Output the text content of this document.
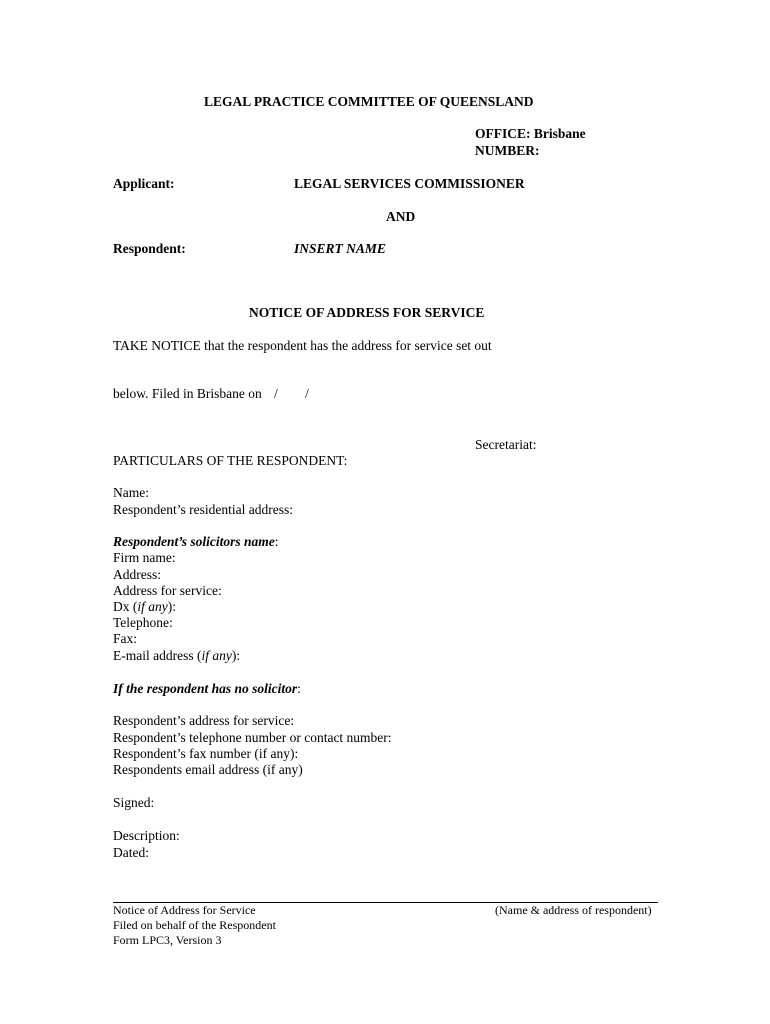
LEGAL PRACTICE COMMITTEE OF QUEENSLAND
OFFICE: Brisbane
NUMBER:
Applicant:	LEGAL SERVICES COMMISSIONER
AND
Respondent:	INSERT NAME
NOTICE OF ADDRESS FOR SERVICE
TAKE NOTICE that the respondent has the address for service set out
below. Filed in Brisbane on / /
Secretariat:
PARTICULARS OF THE RESPONDENT:
Name:
Respondent’s residential address:
Respondent’s solicitors name:
Firm name:
Address:
Address for service:
Dx (if any):
Telephone:
Fax:
E-mail address (if any):
If the respondent has no solicitor:
Respondent’s address for service:
Respondent’s telephone number or contact number:
Respondent’s fax number (if any):
Respondents email address (if any)
Signed:
Description:
Dated:
Notice of Address for Service
Filed on behalf of the Respondent
Form LPC3, Version 3
(Name & address of respondent)
